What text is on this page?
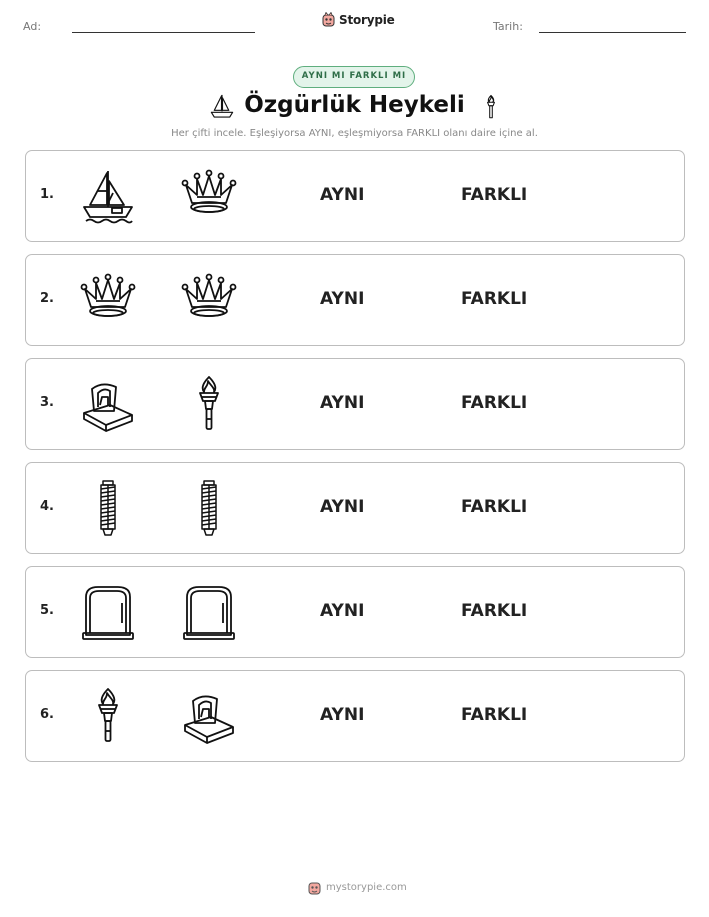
Ad:	Storypie	Tarih:
AYNI MI FARKLI MI
Özgürlük Heykeli
Her çifti incele. Eşleşiyorsa AYNI, eşleşmiyorsa FARKLI olanı daire içine al.
1.	AYNI	FARKLI
2.	AYNI	FARKLI
3.	AYNI	FARKLI
4.	AYNI	FARKLI
5.	AYNI	FARKLI
6.	AYNI	FARKLI
mystorypie.com
